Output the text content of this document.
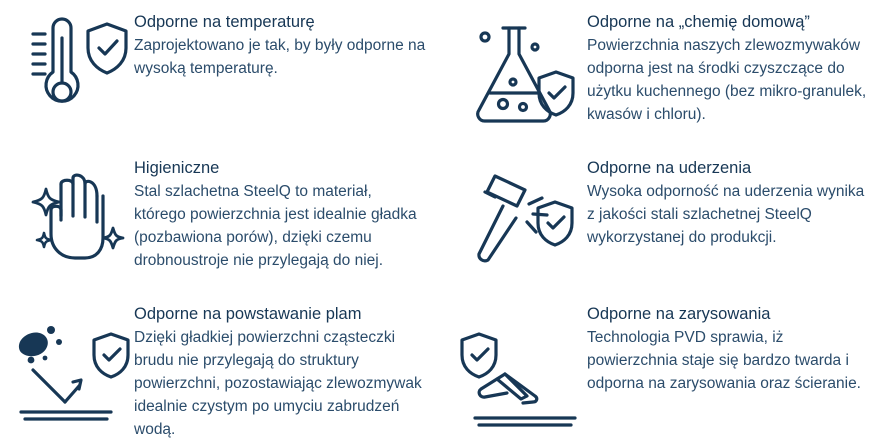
Odporne na temperaturę

Zaprojektowano je tak, by były odporne na wysoką temperaturę.

Odporne na „chemię domową”

Powierzchnia naszych zlewozmywaków odporna jest na środki czyszczące do użytku kuchennego (bez mikro-granulek, kwasów i chloru).

Higieniczne

Stal szlachetna SteelQ to materiał, którego powierzchnia jest idealnie gładka (pozbawiona porów), dzięki czemu drobnoustroje nie przylegają do niej.

Odporne na uderzenia

Wysoka odporność na uderzenia wynika z jakości stali szlachetnej SteelQ wykorzystanej do produkcji.

Odporne na powstawanie plam

Dzięki gładkiej powierzchni cząsteczki brudu nie przylegają do struktury powierzchni, pozostawiając zlewozmywak idealnie czystym po umyciu zabrudzeń wodą.

Odporne na zarysowania

Technologia PVD sprawia, iż powierzchnia staje się bardzo twarda i odporna na zarysowania oraz ścieranie.
